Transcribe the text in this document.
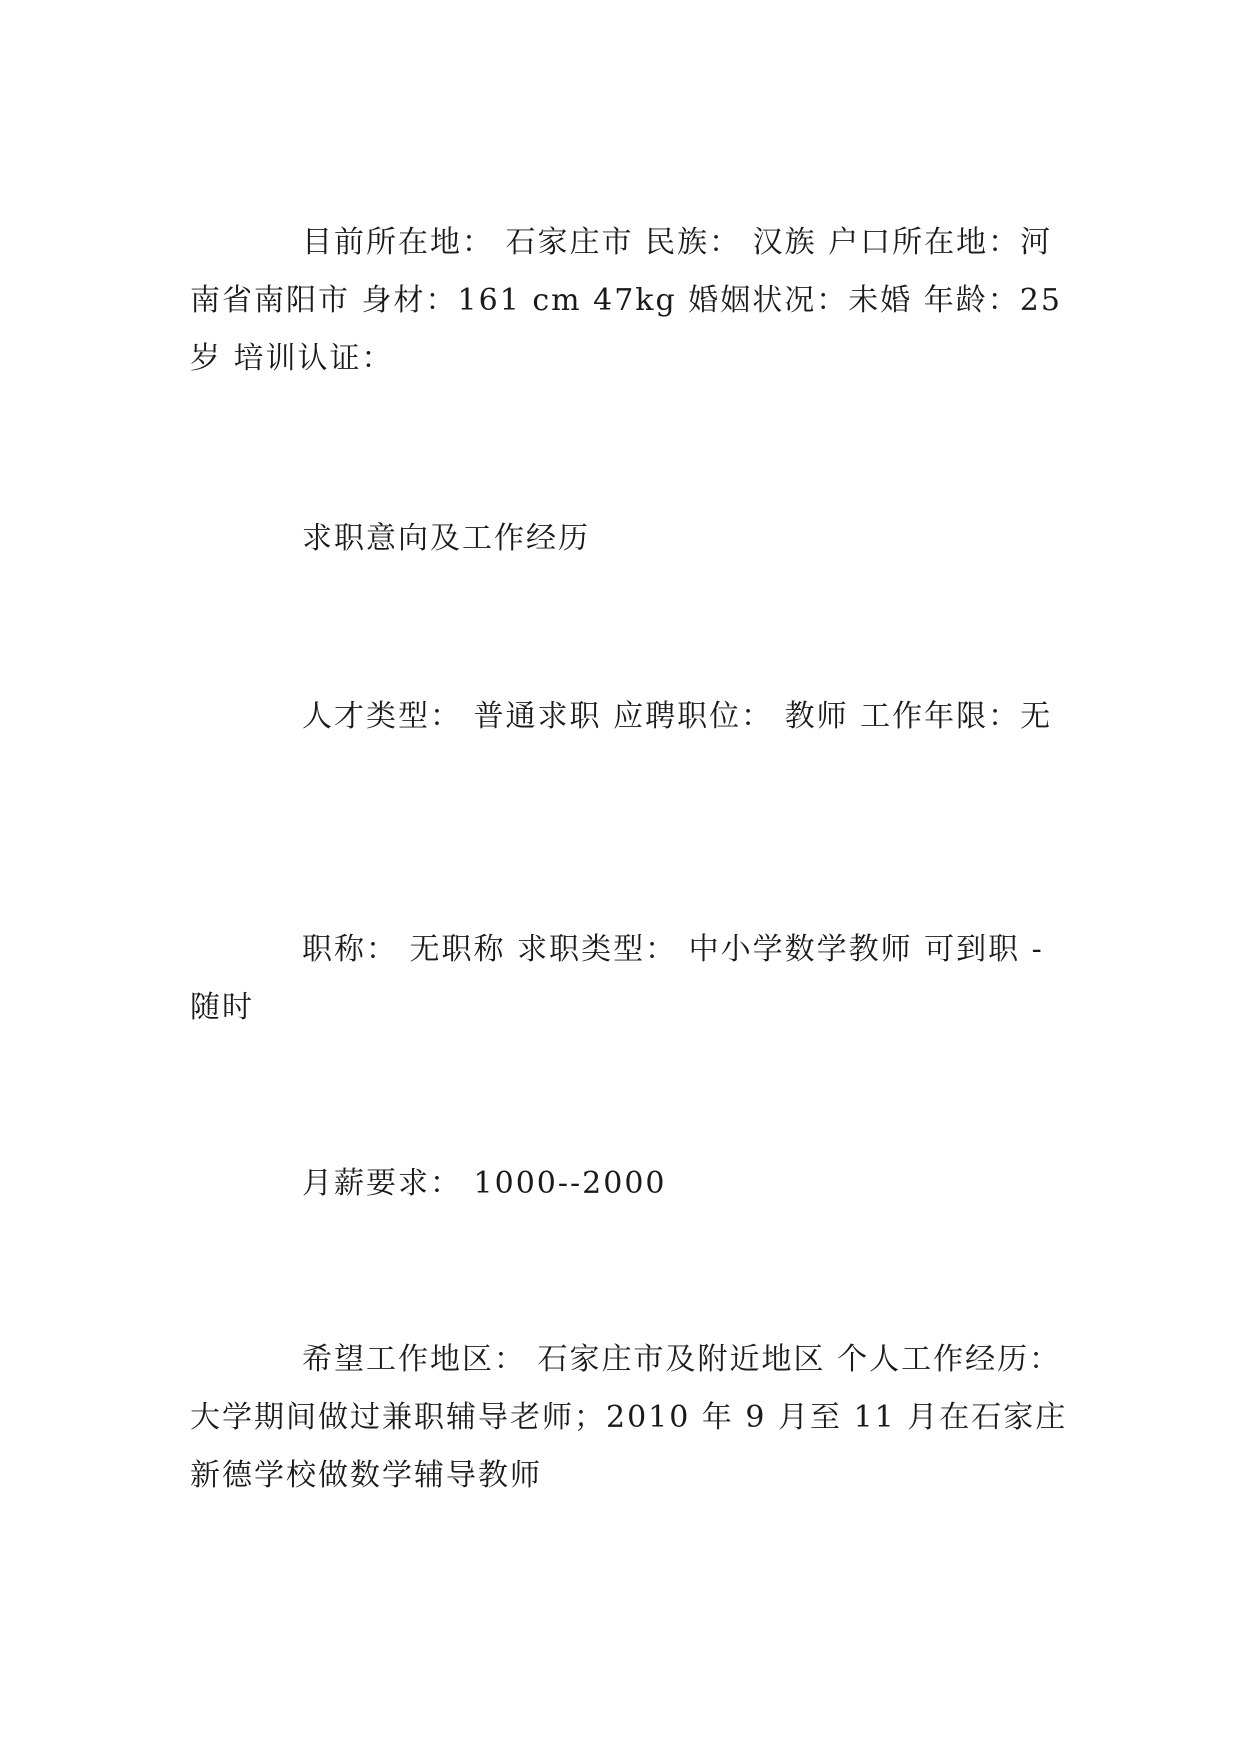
目前所在地： 石家庄市 民族： 汉族 户口所在地：河南省南阳市 身材：161 cm 47kg 婚姻状况：未婚 年龄：25 岁 培训认证：

求职意向及工作经历

人才类型： 普通求职 应聘职位： 教师 工作年限：无

职称： 无职称 求职类型： 中小学数学教师 可到职 - 随时

月薪要求： 1000--2000

希望工作地区： 石家庄市及附近地区 个人工作经历：大学期间做过兼职辅导老师；2010 年 9 月至 11 月在石家庄新德学校做数学辅导教师
